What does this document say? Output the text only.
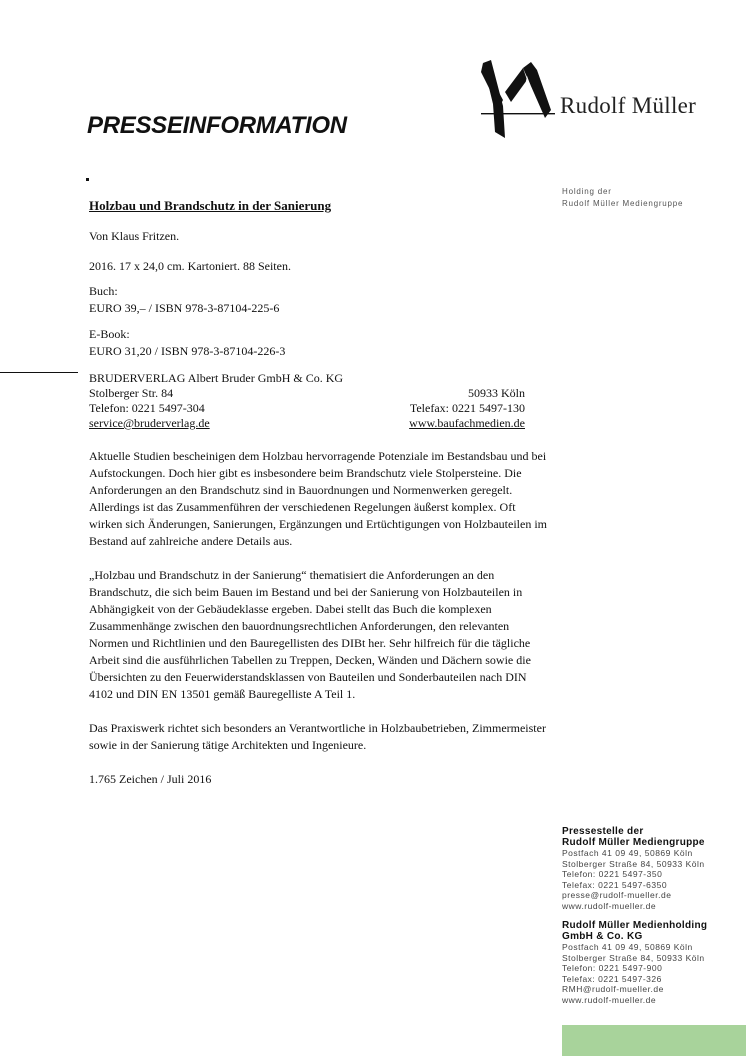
PRESSEINFORMATION
Rudolf Müller
Holding der
Rudolf Müller Mediengruppe
Holzbau und Brandschutz in der Sanierung
Von Klaus Fritzen.
2016. 17 x 24,0 cm. Kartoniert. 88 Seiten.
Buch:
EURO 39,– / ISBN 978-3-87104-225-6
E-Book:
EURO 31,20 / ISBN 978-3-87104-226-3
BRUDERVERLAG Albert Bruder GmbH & Co. KG
Stolberger Str. 84	50933 Köln
Telefon: 0221 5497-304	Telefax: 0221 5497-130
service@bruderverlag.de	www.baufachmedien.de

Aktuelle Studien bescheinigen dem Holzbau hervorragende Potenziale im Bestandsbau und bei Aufstockungen. Doch hier gibt es insbesondere beim Brandschutz viele Stolpersteine. Die Anforderungen an den Brandschutz sind in Bauordnungen und Normenwerken geregelt. Allerdings ist das Zusammenführen der verschiedenen Regelungen äußerst komplex. Oft wirken sich Änderungen, Sanierungen, Ergänzungen und Ertüchtigungen von Holzbauteilen im Bestand auf zahlreiche andere Details aus.

„Holzbau und Brandschutz in der Sanierung“ thematisiert die Anforderungen an den Brandschutz, die sich beim Bauen im Bestand und bei der Sanierung von Holzbauteilen in Abhängigkeit von der Gebäudeklasse ergeben. Dabei stellt das Buch die komplexen Zusammenhänge zwischen den bauordnungsrechtlichen Anforderungen, den relevanten Normen und Richtlinien und den Bauregellisten des DIBt her. Sehr hilfreich für die tägliche Arbeit sind die ausführlichen Tabellen zu Treppen, Decken, Wänden und Dächern sowie die Übersichten zu den Feuerwiderstandsklassen von Bauteilen und Sonderbauteilen nach DIN 4102 und DIN EN 13501 gemäß Bauregelliste A Teil 1.

Das Praxiswerk richtet sich besonders an Verantwortliche in Holzbaubetrieben, Zimmermeister sowie in der Sanierung tätige Architekten und Ingenieure.

1.765 Zeichen / Juli 2016

Pressestelle der
Rudolf Müller Mediengruppe
Postfach 41 09 49, 50869 Köln
Stolberger Straße 84, 50933 Köln
Telefon: 0221 5497-350
Telefax: 0221 5497-6350
presse@rudolf-mueller.de
www.rudolf-mueller.de
Rudolf Müller Medienholding
GmbH & Co. KG
Postfach 41 09 49, 50869 Köln
Stolberger Straße 84, 50933 Köln
Telefon: 0221 5497-900
Telefax: 0221 5497-326
RMH@rudolf-mueller.de
www.rudolf-mueller.de
